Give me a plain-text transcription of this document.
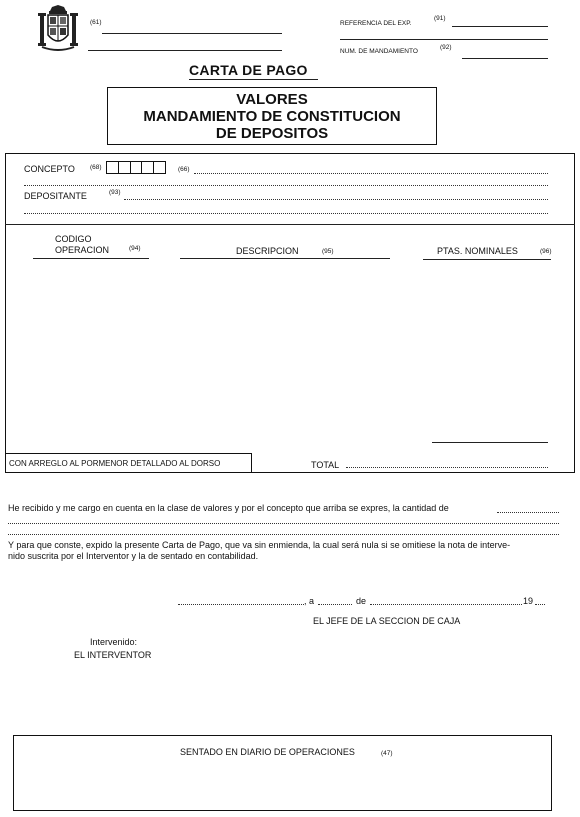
(61)	REFERENCIA DEL EXP.
(91)
NUM. DE MANDAMIENTO
(92)
CARTA DE PAGO
VALORES
MANDAMIENTO DE CONSTITUCION
DE DEPOSITOS
CONCEPTO (68)	(66)
DEPOSITANTE	(93)
CODIGO
OPERACION	(94)	DESCRIPCION	(95)	PTAS. NOMINALES	(96)
CON ARREGLO AL PORMENOR DETALLADO AL DORSO	TOTAL
He recibido y me cargo en cuenta en la clase de valores y por el concepto que arriba se expres, la cantidad de
Y para que conste, expido la presente Carta de Pago, que va sin enmienda, la cual será nula si se omitiese la nota de interve-
nido suscrita por el Interventor y la de sentado en contabilidad.
, a	de	19
EL JEFE DE LA SECCION DE CAJA
Intervenido:
EL INTERVENTOR
SENTADO EN DIARIO DE OPERACIONES	(47)
